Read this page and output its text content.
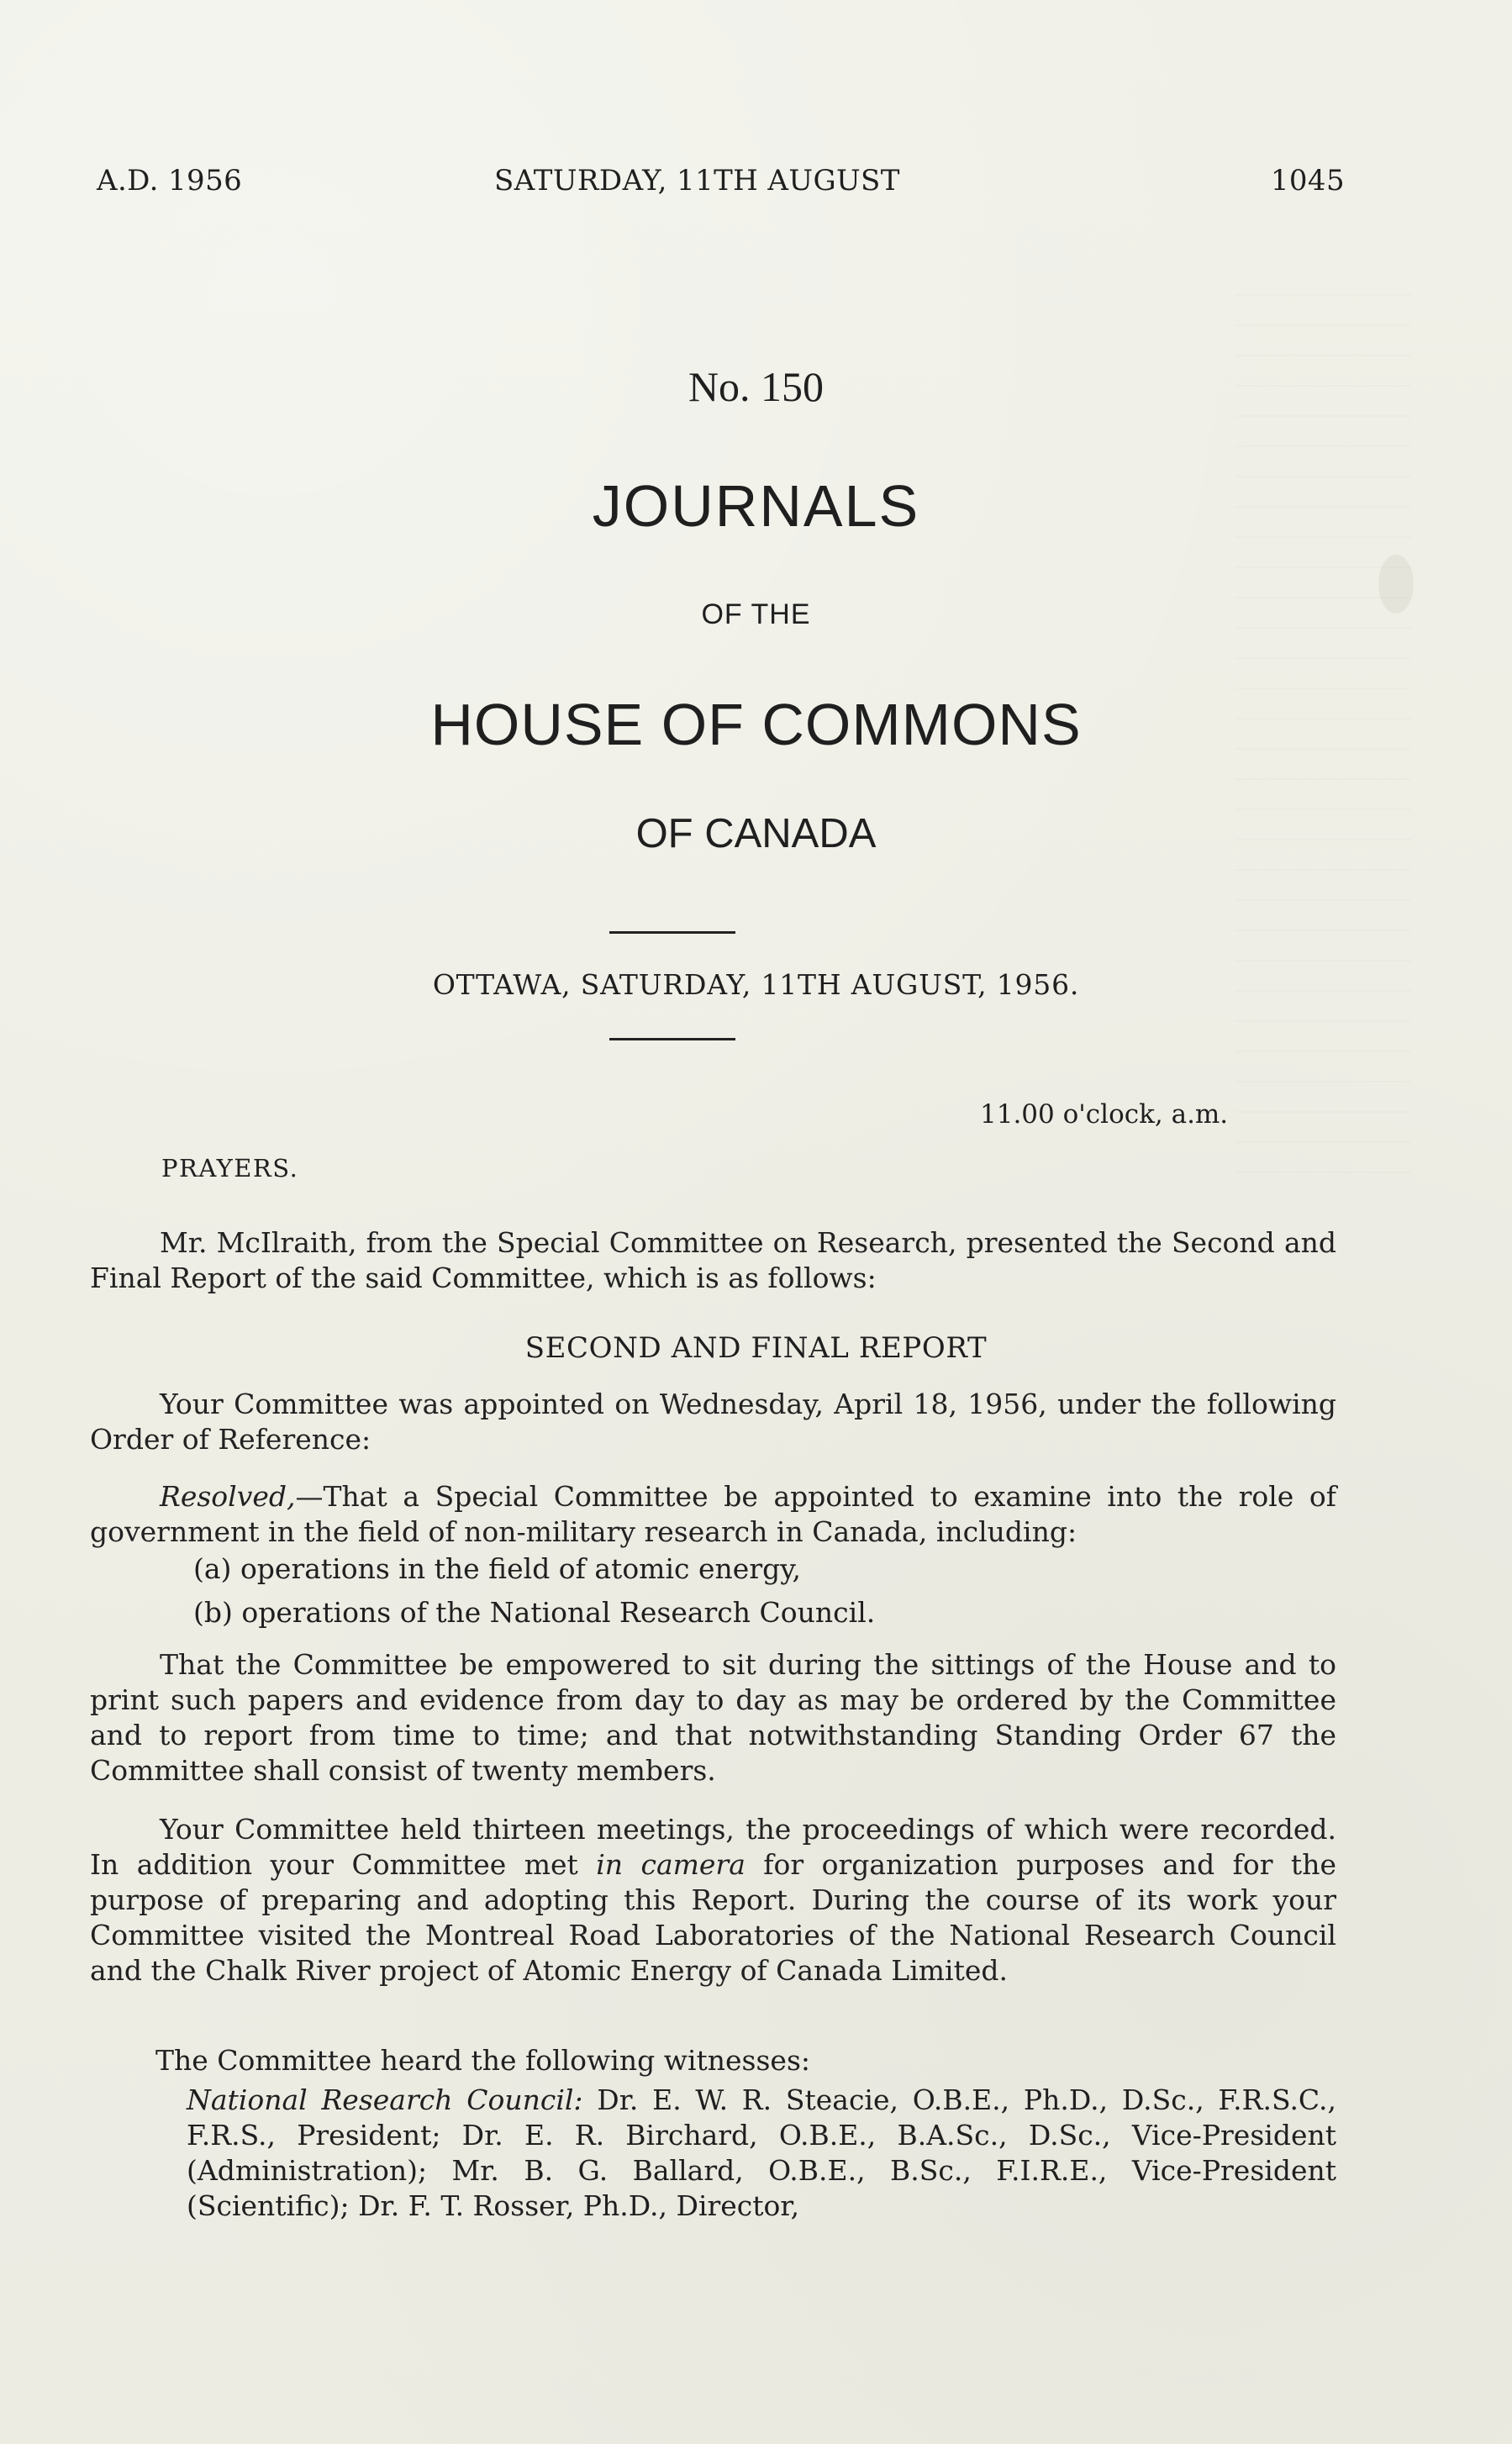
A.D. 1956	SATURDAY, 11TH AUGUST	1045
No. 150
JOURNALS
OF THE
HOUSE OF COMMONS
OF CANADA
OTTAWA, SATURDAY, 11TH AUGUST, 1956.
11.00 o'clock, a.m.
PRAYERS.
Mr. McIlraith, from the Special Committee on Research, presented the Second and Final Report of the said Committee, which is as follows:
SECOND AND FINAL REPORT
Your Committee was appointed on Wednesday, April 18, 1956, under the following Order of Reference:
Resolved,—That a Special Committee be appointed to examine into the role of government in the field of non-military research in Canada, including:
(a) operations in the field of atomic energy,
(b) operations of the National Research Council.
That the Committee be empowered to sit during the sittings of the House and to print such papers and evidence from day to day as may be ordered by the Committee and to report from time to time; and that notwithstanding Standing Order 67 the Committee shall consist of twenty members.
Your Committee held thirteen meetings, the proceedings of which were recorded. In addition your Committee met in camera for organization purposes and for the purpose of preparing and adopting this Report. During the course of its work your Committee visited the Montreal Road Laboratories of the National Research Council and the Chalk River project of Atomic Energy of Canada Limited.
The Committee heard the following witnesses:
National Research Council: Dr. E. W. R. Steacie, O.B.E., Ph.D., D.Sc., F.R.S.C., F.R.S., President; Dr. E. R. Birchard, O.B.E., B.A.Sc., D.Sc., Vice-President (Administration); Mr. B. G. Ballard, O.B.E., B.Sc., F.I.R.E., Vice-President (Scientific); Dr. F. T. Rosser, Ph.D., Director,
